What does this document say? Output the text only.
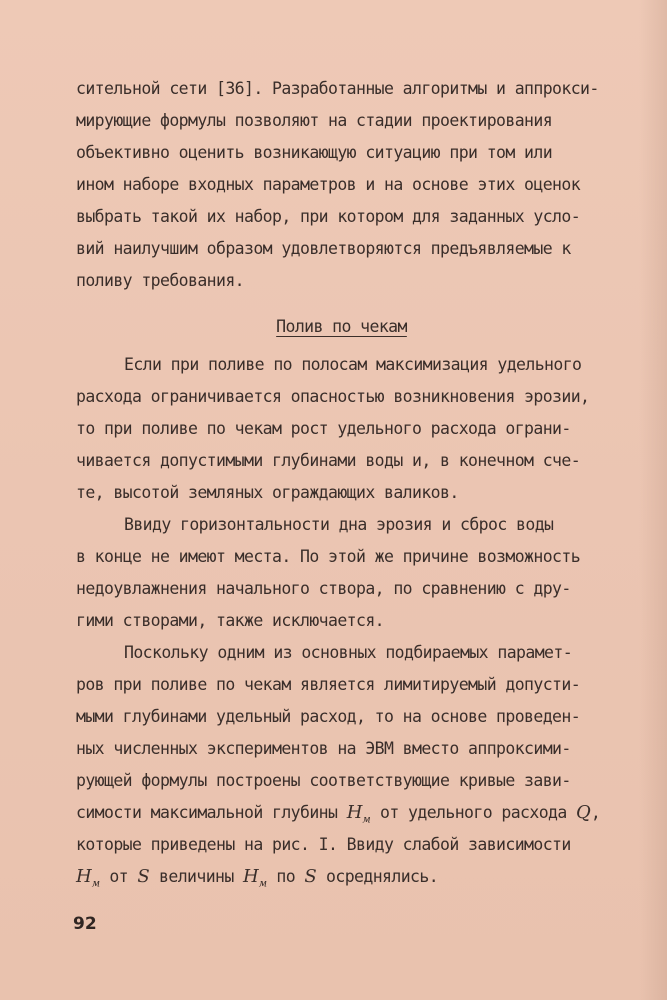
сительной сети [36]. Разработанные алгоритмы и аппрокси-

мирующие формулы позволяют на стадии проектирования

объективно оценить возникающую ситуацию при том или

ином наборе входных параметров и на основе этих оценок

выбрать такой их набор, при котором для заданных усло-

вий наилучшим образом удовлетворяются предъявляемые к

поливу требования.

Полив по чекам

Если при поливе по полосам максимизация удельного

расхода ограничивается опасностью возникновения эрозии,

то при поливе по чекам рост удельного расхода ограни-

чивается допустимыми глубинами воды и, в конечном сче-

те, высотой земляных ограждающих валиков.

Ввиду горизонтальности дна эрозия и сброс воды

в конце не имеют места. По этой же причине возможность

недоувлажнения начального створа, по сравнению с дру-

гими створами, также исключается.

Поскольку одним из основных подбираемых парамет-

ров при поливе по чекам является лимитируемый допусти-

мыми глубинами удельный расход, то на основе проведен-

ных численных экспериментов на ЭВМ вместо аппроксими-

рующей формулы построены соответствующие кривые зави-

симости максимальной глубины $H_м$ от удельного расхода Q,

которые приведены на рис. I. Ввиду слабой зависимости

$H_м$ от S величины $H_м$ по S осреднялись.

92
